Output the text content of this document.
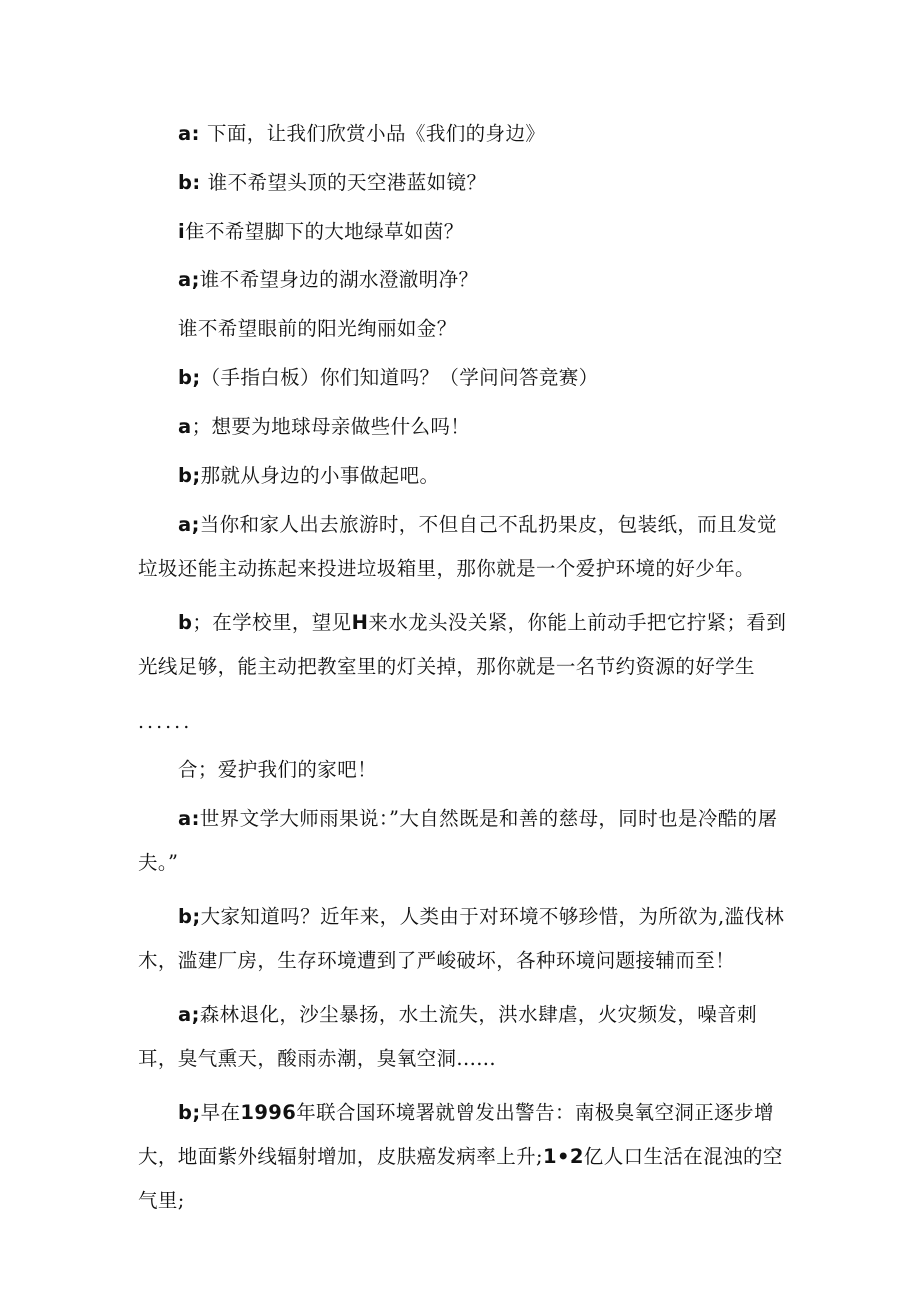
a: 下面，让我们欣赏小品《我们的身边》
b: 谁不希望头顶的天空港蓝如镜？
i隹不希望脚下的大地绿草如茵？
a;谁不希望身边的湖水澄澈明净？
谁不希望眼前的阳光绚丽如金？
b;（手指白板）你们知道吗？（学问问答竞赛）
a；想要为地球母亲做些什么吗！
b;那就从身边的小事做起吧。
a;当你和家人出去旅游时，不但自己不乱扔果皮，包装纸，而且发觉垃圾还能主动拣起来投进垃圾箱里，那你就是一个爱护环境的好少年。
b；在学校里，望见H来水龙头没关紧，你能上前动手把它拧紧；看到光线足够，能主动把教室里的灯关掉，那你就是一名节约资源的好学生
......
合；爱护我们的家吧！
a:世界文学大师雨果说：”大自然既是和善的慈母，同时也是冷酷的屠夫。”
b;大家知道吗？近年来，人类由于对环境不够珍惜，为所欲为,滥伐林木，滥建厂房，生存环境遭到了严峻破坏，各种环境问题接辅而至！
a;森林退化，沙尘暴扬，水土流失，洪水肆虐，火灾频发，噪音刺耳，臭气熏天，酸雨赤潮，臭氧空洞......
b;早在1996年联合国环境署就曾发出警告：南极臭氧空洞正逐步增大，地面紫外线辐射增加，皮肤癌发病率上升;1•2亿人口生活在混浊的空气里;
